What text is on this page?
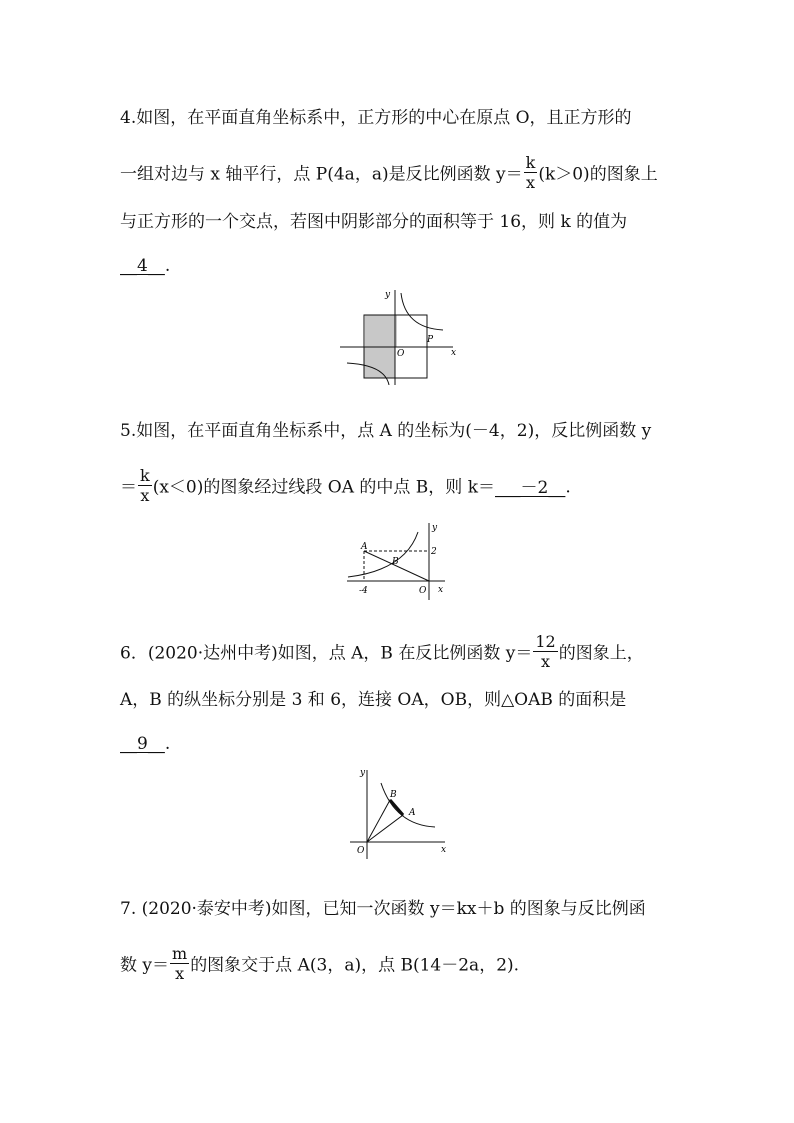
4.如图，在平面直角坐标系中，正方形的中心在原点 O，且正方形的
一组对边与 x 轴平行，点 P(4a，a)是反比例函数 $y= \frac{k}{x} (k>0)$的图象上
与正方形的一个交点，若图中阴影部分的面积等于 16，则 k 的值为
__4__.
y
x
O
P
5.如图，在平面直角坐标系中，点 A 的坐标为(－4，2)，反比例函数 y
＝ $\frac{k}{x} (x<0)$的图象经过线段 OA 的中点 B，则 k＝___－2__.
A
B
2
-4	O x
y
6．(2020·达州中考)如图，点 A，B 在反比例函数 $y= \frac{12}{x}$ 的图象上，
A，B 的纵坐标分别是 3 和 6，连接 OA，OB，则△OAB 的面积是
__9__.
y
x
O
B
A
7. (2020·泰安中考)如图，已知一次函数 y＝kx＋b 的图象与反比例函
数 $y= \frac{m}{x}$ 的图象交于点 A(3，a)，点 B(14－2a，2).
